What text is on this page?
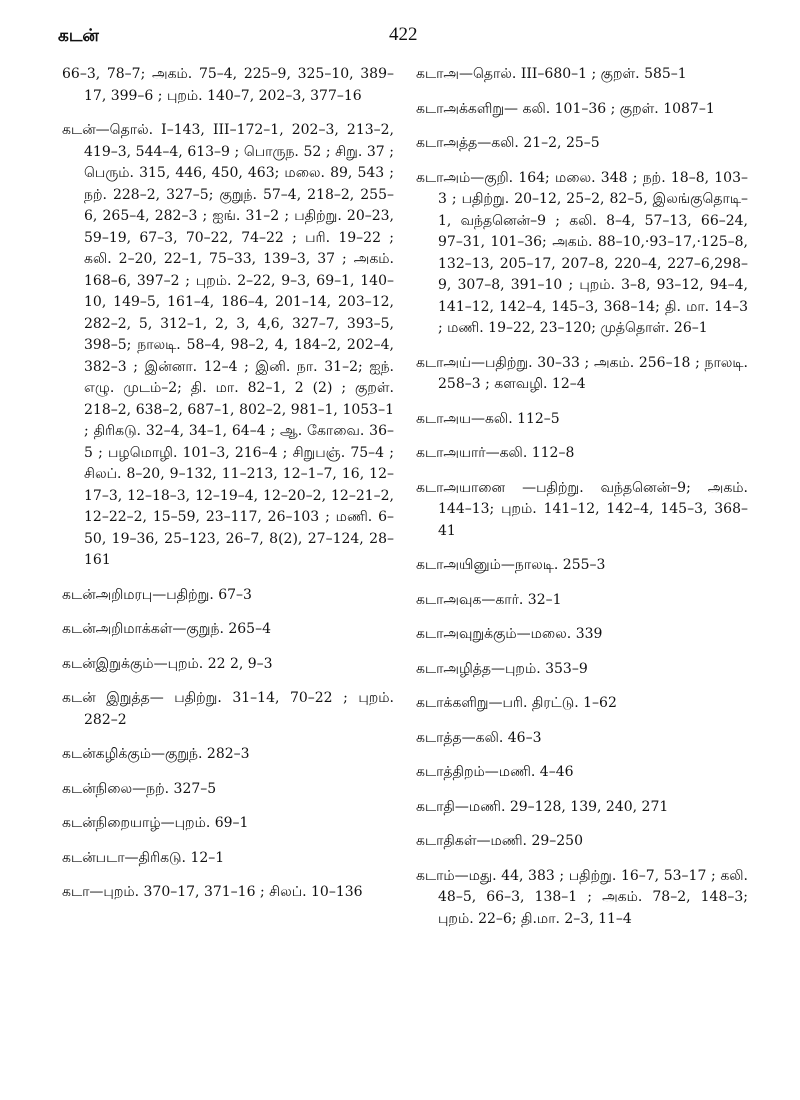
கடன்	422
66–3, 78–7; அகம். 75–4, 225–9, 325–10, 389–17, 399–6 ; புறம். 140–7, 202–3, 377–16
கடன்—தொல். I–143, III–172–1, 202–3, 213–2, 419–3, 544–4, 613–9 ; பொருந. 52 ; சிறு. 37 ; பெரும். 315, 446, 450, 463; மலை. 89, 543 ; நற். 228–2, 327–5; குறுந். 57–4, 218–2, 255–6, 265–4, 282–3 ; ஐங். 31–2 ; பதிற்று. 20–23, 59–19, 67–3, 70–22, 74–22 ; பரி. 19–22 ; கலி. 2–20, 22–1, 75–33, 139–3, 37 ; அகம். 168–6, 397–2 ; புறம். 2–22, 9–3, 69–1, 140–10, 149–5, 161–4, 186–4, 201–14, 203–12, 282–2, 5, 312–1, 2, 3, 4,6, 327–7, 393–5, 398–5; நாலடி. 58–4, 98–2, 4, 184–2, 202–4, 382–3 ; இன்னா. 12–4 ; இனி. நா. 31–2; ஐந். எழு. முடம்–2; தி. மா. 82–1, 2 (2) ; குறள். 218–2, 638–2, 687–1, 802–2, 981–1, 1053–1 ; திரிகடு. 32–4, 34–1, 64–4 ; ஆ. கோவை. 36–5 ; பழமொழி. 101–3, 216–4 ; சிறுபஞ். 75–4 ; சிலப். 8–20, 9–132, 11–213, 12–1–7, 16, 12–17–3, 12–18–3, 12–19–4, 12–20–2, 12–21–2, 12–22–2, 15–59, 23–117, 26–103 ; மணி. 6–50, 19–36, 25–123, 26–7, 8(2), 27–124, 28–161
கடன்அறிமரபு—பதிற்று. 67–3
கடன்அறிமாக்கள்—குறுந். 265–4
கடன்இறுக்கும்—புறம். 22 2, 9–3
கடன் இறுத்த— பதிற்று. 31–14, 70–22 ; புறம். 282–2
கடன்கழிக்கும்—குறுந். 282–3
கடன்நிலை—நற். 327–5
கடன்நிறையாழ்—புறம். 69–1
கடன்படா—திரிகடு. 12–1
கடா—புறம். 370–17, 371–16 ; சிலப். 10–136
கடாஅ—தொல். III–680–1 ; குறள். 585–1
கடாஅக்களிறு— கலி. 101–36 ; குறள். 1087–1
கடாஅத்த—கலி. 21–2, 25–5
கடாஅம்—குறி. 164; மலை. 348 ; நற். 18–8, 103–3 ; பதிற்று. 20–12, 25–2, 82–5, இலங்குதொடி–1, வந்தனென்–9 ; கலி. 8–4, 57–13, 66–24, 97–31, 101–36; அகம். 88–10,·93–17,·125–8, 132–13, 205–17, 207–8, 220–4, 227–6,298–9, 307–8, 391–10 ; புறம். 3–8, 93–12, 94–4, 141–12, 142–4, 145–3, 368–14; தி. மா. 14–3 ; மணி. 19–22, 23–120; முத்தொள். 26–1
கடாஅய்—பதிற்று. 30–33 ; அகம். 256–18 ; நாலடி. 258–3 ; களவழி. 12–4
கடாஅய—கலி. 112–5
கடாஅயார்—கலி. 112–8
கடாஅயானை —பதிற்று. வந்தனென்–9; அகம். 144–13; புறம். 141–12, 142–4, 145–3, 368–41
கடாஅயினும்—நாலடி. 255–3
கடாஅவுக—கார். 32–1
கடாஅவுறுக்கும்—மலை. 339
கடாஅழித்த—புறம். 353–9
கடாக்களிறு—பரி. திரட்டு. 1–62
கடாத்த—கலி. 46–3
கடாத்திறம்—மணி. 4–46
கடாதி—மணி. 29–128, 139, 240, 271
கடாதிகள்—மணி. 29–250
கடாம்—மது. 44, 383 ; பதிற்று. 16–7, 53–17 ; கலி. 48–5, 66–3, 138–1 ; அகம். 78–2, 148–3; புறம். 22–6; தி.மா. 2–3, 11–4
